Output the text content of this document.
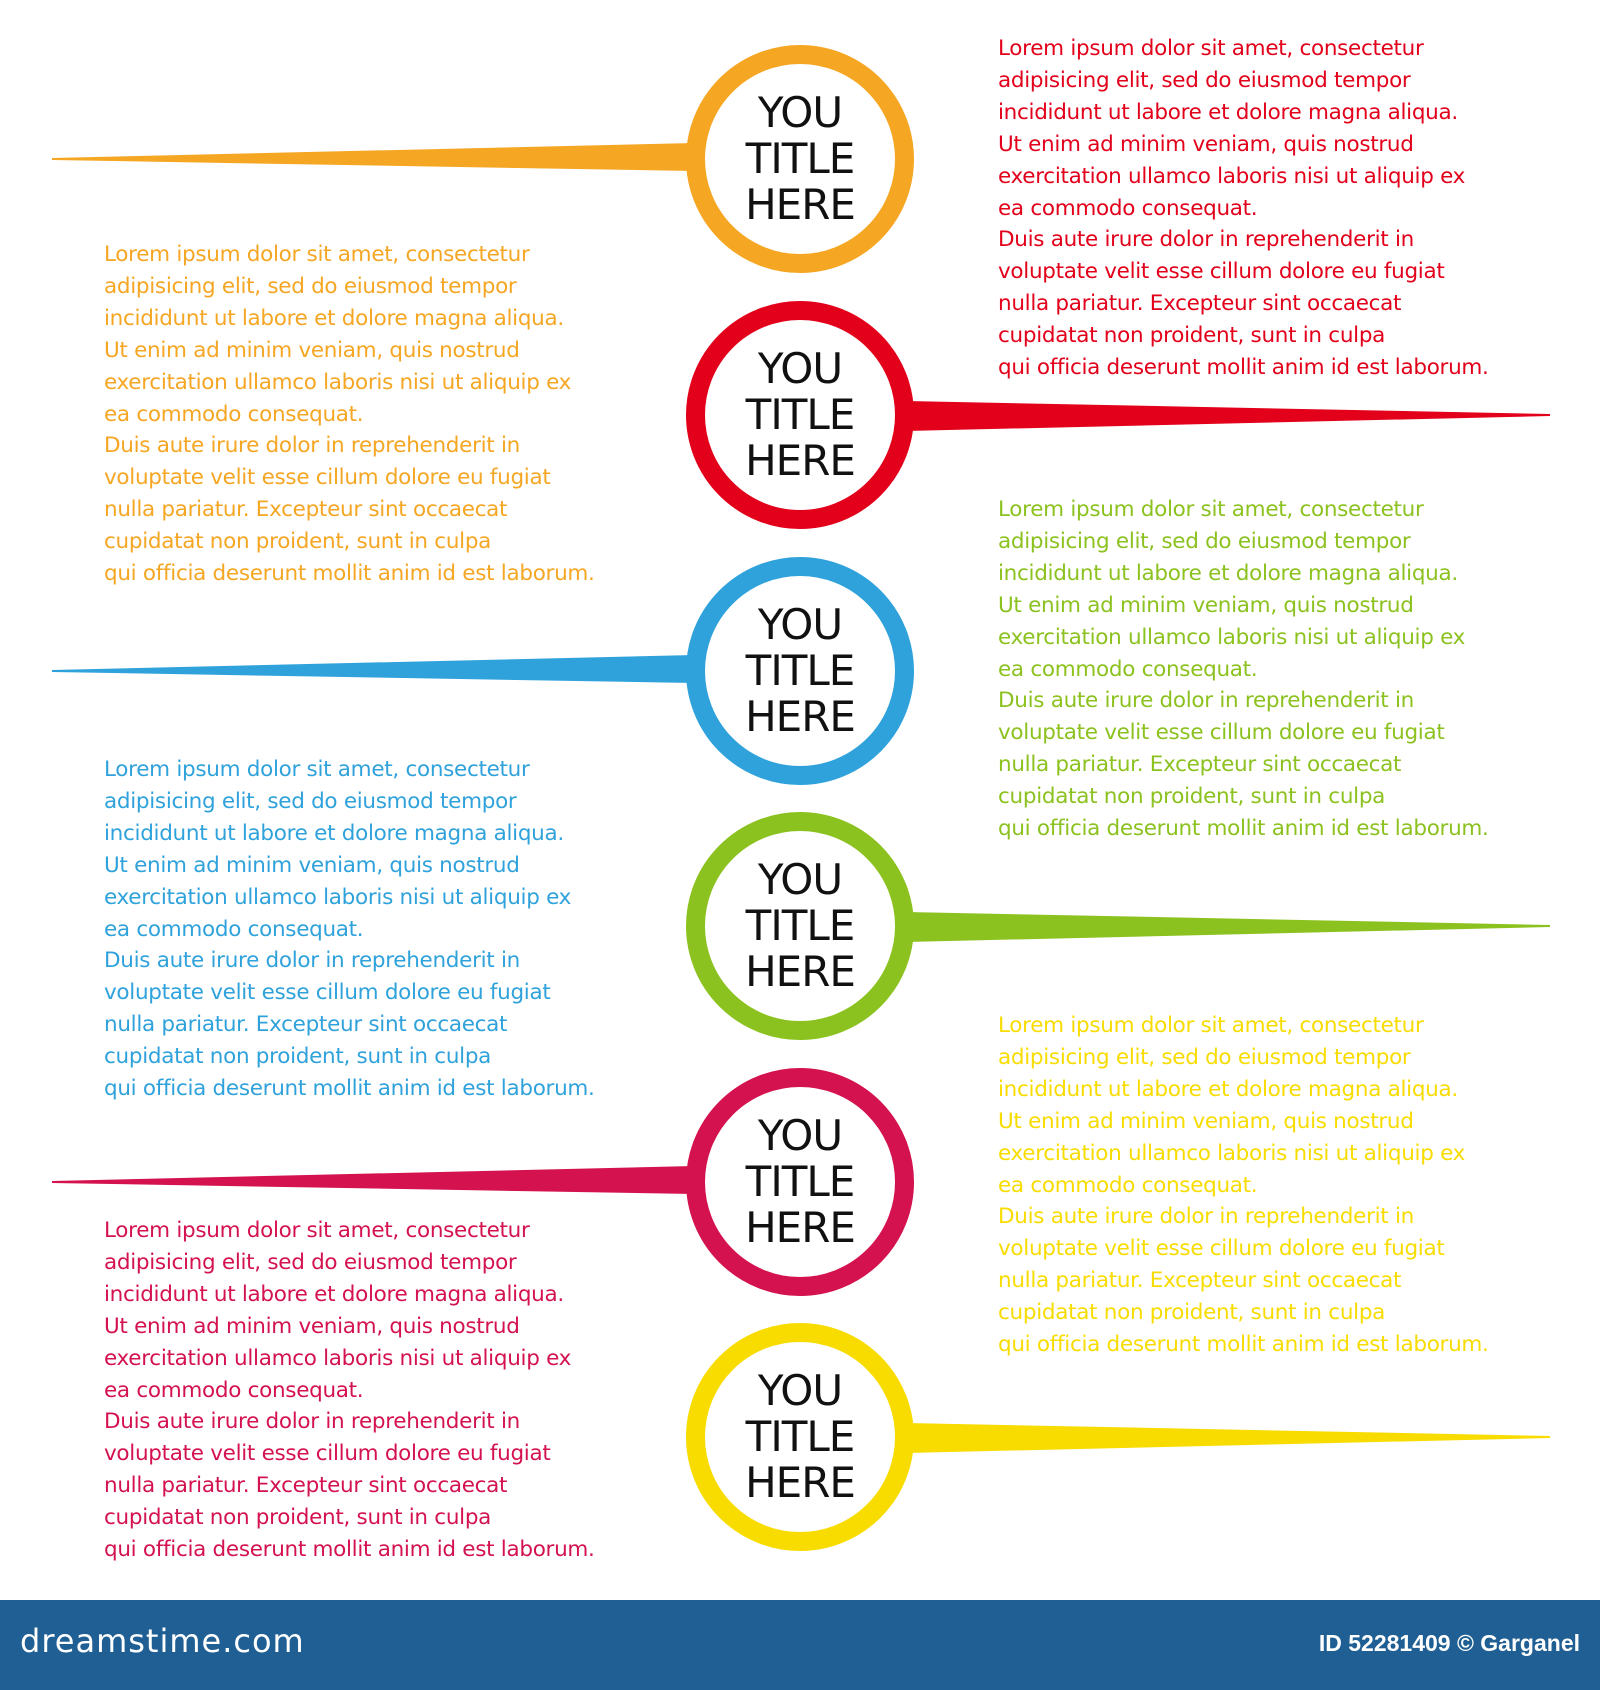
YOU
TITLE
HERE
YOU
TITLE
HERE
YOU
TITLE
HERE
YOU
TITLE
HERE
YOU
TITLE
HERE
YOU
TITLE
HERE
Lorem ipsum dolor sit amet, consectetur
adipisicing elit, sed do eiusmod tempor
incididunt ut labore et dolore magna aliqua.
Ut enim ad minim veniam, quis nostrud
exercitation ullamco laboris nisi ut aliquip ex
ea commodo consequat.
Duis aute irure dolor in reprehenderit in
voluptate velit esse cillum dolore eu fugiat
nulla pariatur. Excepteur sint occaecat
cupidatat non proident, sunt in culpa
qui officia deserunt mollit anim id est laborum.
Lorem ipsum dolor sit amet, consectetur
adipisicing elit, sed do eiusmod tempor
incididunt ut labore et dolore magna aliqua.
Ut enim ad minim veniam, quis nostrud
exercitation ullamco laboris nisi ut aliquip ex
ea commodo consequat.
Duis aute irure dolor in reprehenderit in
voluptate velit esse cillum dolore eu fugiat
nulla pariatur. Excepteur sint occaecat
cupidatat non proident, sunt in culpa
qui officia deserunt mollit anim id est laborum.
Lorem ipsum dolor sit amet, consectetur
adipisicing elit, sed do eiusmod tempor
incididunt ut labore et dolore magna aliqua.
Ut enim ad minim veniam, quis nostrud
exercitation ullamco laboris nisi ut aliquip ex
ea commodo consequat.
Duis aute irure dolor in reprehenderit in
voluptate velit esse cillum dolore eu fugiat
nulla pariatur. Excepteur sint occaecat
cupidatat non proident, sunt in culpa
qui officia deserunt mollit anim id est laborum.
Lorem ipsum dolor sit amet, consectetur
adipisicing elit, sed do eiusmod tempor
incididunt ut labore et dolore magna aliqua.
Ut enim ad minim veniam, quis nostrud
exercitation ullamco laboris nisi ut aliquip ex
ea commodo consequat.
Duis aute irure dolor in reprehenderit in
voluptate velit esse cillum dolore eu fugiat
nulla pariatur. Excepteur sint occaecat
cupidatat non proident, sunt in culpa
qui officia deserunt mollit anim id est laborum.
Lorem ipsum dolor sit amet, consectetur
adipisicing elit, sed do eiusmod tempor
incididunt ut labore et dolore magna aliqua.
Ut enim ad minim veniam, quis nostrud
exercitation ullamco laboris nisi ut aliquip ex
ea commodo consequat.
Duis aute irure dolor in reprehenderit in
voluptate velit esse cillum dolore eu fugiat
nulla pariatur. Excepteur sint occaecat
cupidatat non proident, sunt in culpa
qui officia deserunt mollit anim id est laborum.
Lorem ipsum dolor sit amet, consectetur
adipisicing elit, sed do eiusmod tempor
incididunt ut labore et dolore magna aliqua.
Ut enim ad minim veniam, quis nostrud
exercitation ullamco laboris nisi ut aliquip ex
ea commodo consequat.
Duis aute irure dolor in reprehenderit in
voluptate velit esse cillum dolore eu fugiat
nulla pariatur. Excepteur sint occaecat
cupidatat non proident, sunt in culpa
qui officia deserunt mollit anim id est laborum.
dreamstime.com	ID 52281409 © Garganel
